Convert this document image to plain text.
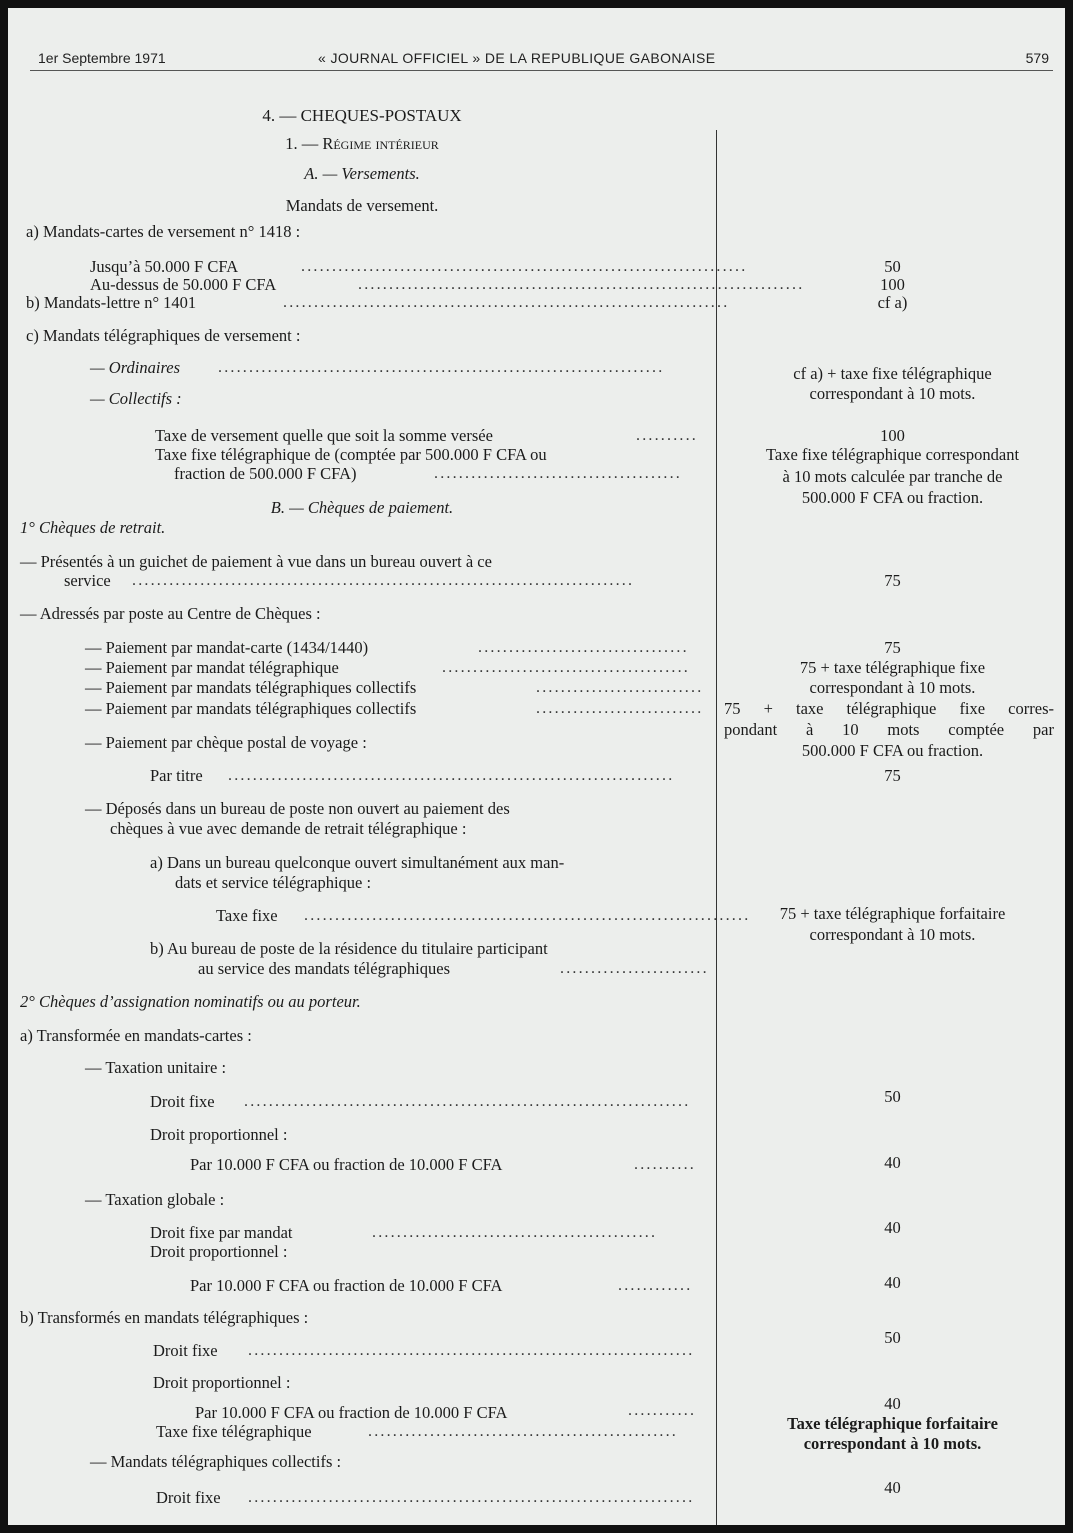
1er Septembre 1971	« JOURNAL OFFICIEL » DE LA REPUBLIQUE GABONAISE	579
4. — CHEQUES-POSTAUX
1. — Régime intérieur
A. — Versements.
Mandats de versement.
a) Mandats-cartes de versement n° 1418 :
Jusqu’à 50.000 F CFA	........................................................................	50
Au-dessus de 50.000 F CFA	........................................................................	100
b) Mandats-lettre n° 1401	........................................................................	cf a)
c) Mandats télégraphiques de versement :
— Ordinaires ........................................................................	cf a) + taxe fixe télégraphique
correspondant à 10 mots.
— Collectifs :
Taxe de versement quelle que soit la somme versée	..........	100
Taxe fixe télégraphique de (comptée par 500.000 F CFA ou
fraction de 500.000 F CFA)	........................................
Taxe fixe télégraphique correspondant
à 10 mots calculée par tranche de
500.000 F CFA ou fraction.
B. — Chèques de paiement.
1° Chèques de retrait.
— Présentés à un guichet de paiement à vue dans un bureau ouvert à ce
service .................................................................................	75
— Adressés par poste au Centre de Chèques :
— Paiement par mandat-carte (1434/1440)	..................................	75
— Paiement par mandat télégraphique	........................................	75 + taxe télégraphique fixe
correspondant à 10 mots.
— Paiement par mandats télégraphiques collectifs	...........................
— Paiement par mandats télégraphiques collectifs	...........................	75 + taxe télégraphique fixe corres-
pondant à 10 mots comptée par
500.000 F CFA ou fraction.
— Paiement par chèque postal de voyage :
Par titre ........................................................................	75
— Déposés dans un bureau de poste non ouvert au paiement des
chèques à vue avec demande de retrait télégraphique :
a) Dans un bureau quelconque ouvert simultanément aux man-
dats et service télégraphique :
Taxe fixe ........................................................................	75 + taxe télégraphique forfaitaire
correspondant à 10 mots.
b) Au bureau de poste de la résidence du titulaire participant
au service des mandats télégraphiques	........................
2° Chèques d’assignation nominatifs ou au porteur.
a) Transformée en mandats-cartes :
— Taxation unitaire :
Droit fixe ........................................................................	50
Droit proportionnel :
Par 10.000 F CFA ou fraction de 10.000 F CFA	..........	40
— Taxation globale :
Droit fixe par mandat	..............................................	40
Droit proportionnel :
Par 10.000 F CFA ou fraction de 10.000 F CFA	............	40
b) Transformés en mandats télégraphiques :
Droit fixe ........................................................................
50
Droit proportionnel :
Par 10.000 F CFA ou fraction de 10.000 F CFA	...........	40
Taxe fixe télégraphique	..................................................	Taxe télégraphique forfaitaire
correspondant à 10 mots.
— Mandats télégraphiques collectifs :
Droit fixe ........................................................................
40
